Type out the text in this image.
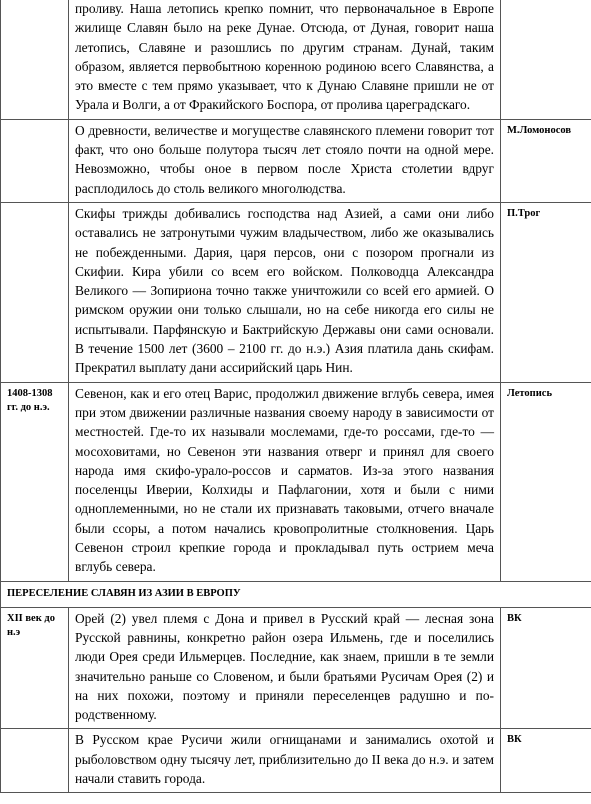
	проливу. Наша летопись крепко помнит, что первоначальное в Европе жилище Славян было на реке Дунае. Отсюда, от Дуная, говорит наша летопись, Славяне и разошлись по другим странам. Дунай, таким образом, является первобытною коренною родиною всего Славянства, а это вместе с тем прямо указывает, что к Дунаю Славяне пришли не от Урала и Волги, а от Фракийского Боспора, от пролива цареградскаго.	

	О древности, величестве и могуществе славянского племени говорит тот факт, что оно больше полутора тысяч лет стояло почти на одной мере. Невозможно, чтобы оное в первом после Христа столетии вдруг расплодилось до столь великого многолюдства.	М.Ломоносов

	Скифы трижды добивались господства над Азией, а сами они либо оставались не затронутыми чужим владычеством, либо же оказывались не побежденными. Дария, царя персов, они с позором прогнали из Скифии. Кира убили со всем его войском. Полководца Александра Великого — Зопириона точно также уничтожили со всей его армией. О римском оружии они только слышали, но на себе никогда его силы не испытывали. Парфянскую и Бактрийскую Державы они сами основали. В течение 1500 лет (3600 – 2100 гг. до н.э.) Азия платила дань скифам. Прекратил выплату дани ассирийский царь Нин.	П.Трог

1408-1308 гг. до н.э.	Севенон, как и его отец Варис, продолжил движение вглубь севера, имея при этом движении различные названия своему народу в зависимости от местностей. Где-то их называли мослемами, где-то россами, где-то — мосоховитами, но Севенон эти названия отверг и принял для своего народа имя скифо-урало-россов и сарматов. Из-за этого названия поселенцы Иверии, Колхиды и Пафлагонии, хотя и были с ними одноплеменными, но не стали их признавать таковыми, отчего вначале были ссоры, а потом начались кровопролитные столкновения. Царь Севенон строил крепкие города и прокладывал путь острием меча вглубь севера.	Летопись

ПЕРЕСЕЛЕНИЕ СЛАВЯН ИЗ АЗИИ В ЕВРОПУ		

XII век до н.э	Орей (2) увел племя с Дона и привел в Русский край — лесная зона Русской равнины, конкретно район озера Ильмень, где и поселились люди Орея среди Ильмерцев. Последние, как знаем, пришли в те земли значительно раньше со Словеном, и были братьями Русичам Орея (2) и на них похожи, поэтому и приняли переселенцев радушно и по-родственному.	ВК

	В Русском крае Русичи жили огнищанами и занимались охотой и рыболовством одну тысячу лет, приблизительно до II века до н.э. и затем начали ставить города.	ВК
